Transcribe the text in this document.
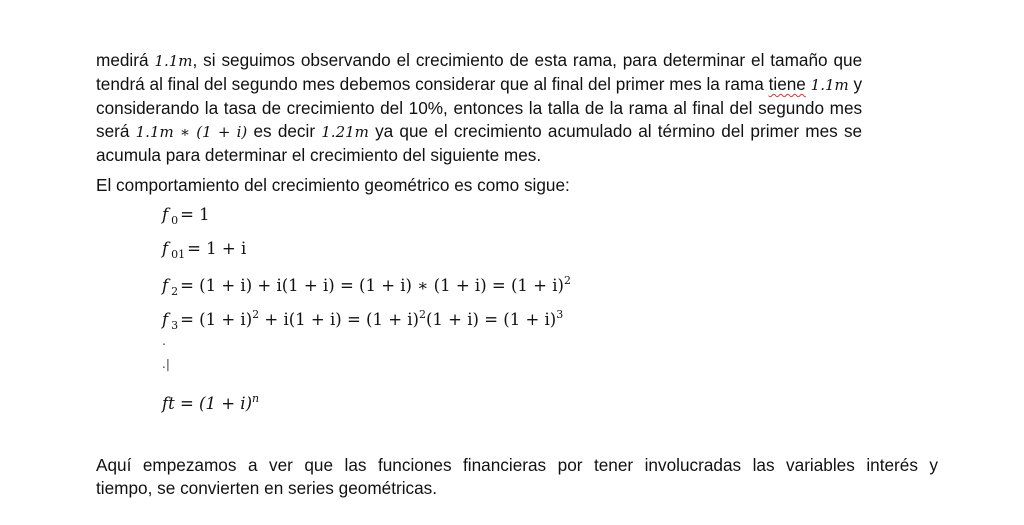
medirá 1.1m, si seguimos observando el crecimiento de esta rama, para determinar el tamaño que
tendrá al final del segundo mes debemos considerar que al final del primer mes la rama tiene 1.1m y
considerando la tasa de crecimiento del 10%, entonces la talla de la rama al final del segundo mes
será 1.1m ∗ (1 + i) es decir 1.21m ya que el crecimiento acumulado al término del primer mes se
acumula para determinar el crecimiento del siguiente mes.

El comportamiento del crecimiento geométrico es como sigue:

f $_0$ = 1
f $_{01}$ = 1 + i
f $_2$ = (1 + i) + i(1 + i) = (1 + i) ∗ $(1 + i) = (1 + i)^2$
f $_3 = (1 + i)^2 + i(1 + i) = (1 + i)^2(1 + i) = (1 + i)^3$
.
.|
ft = $(1 + i)^n$

Aquí empezamos a ver que las funciones financieras por tener involucradas las variables interés y
tiempo, se convierten en series geométricas.
